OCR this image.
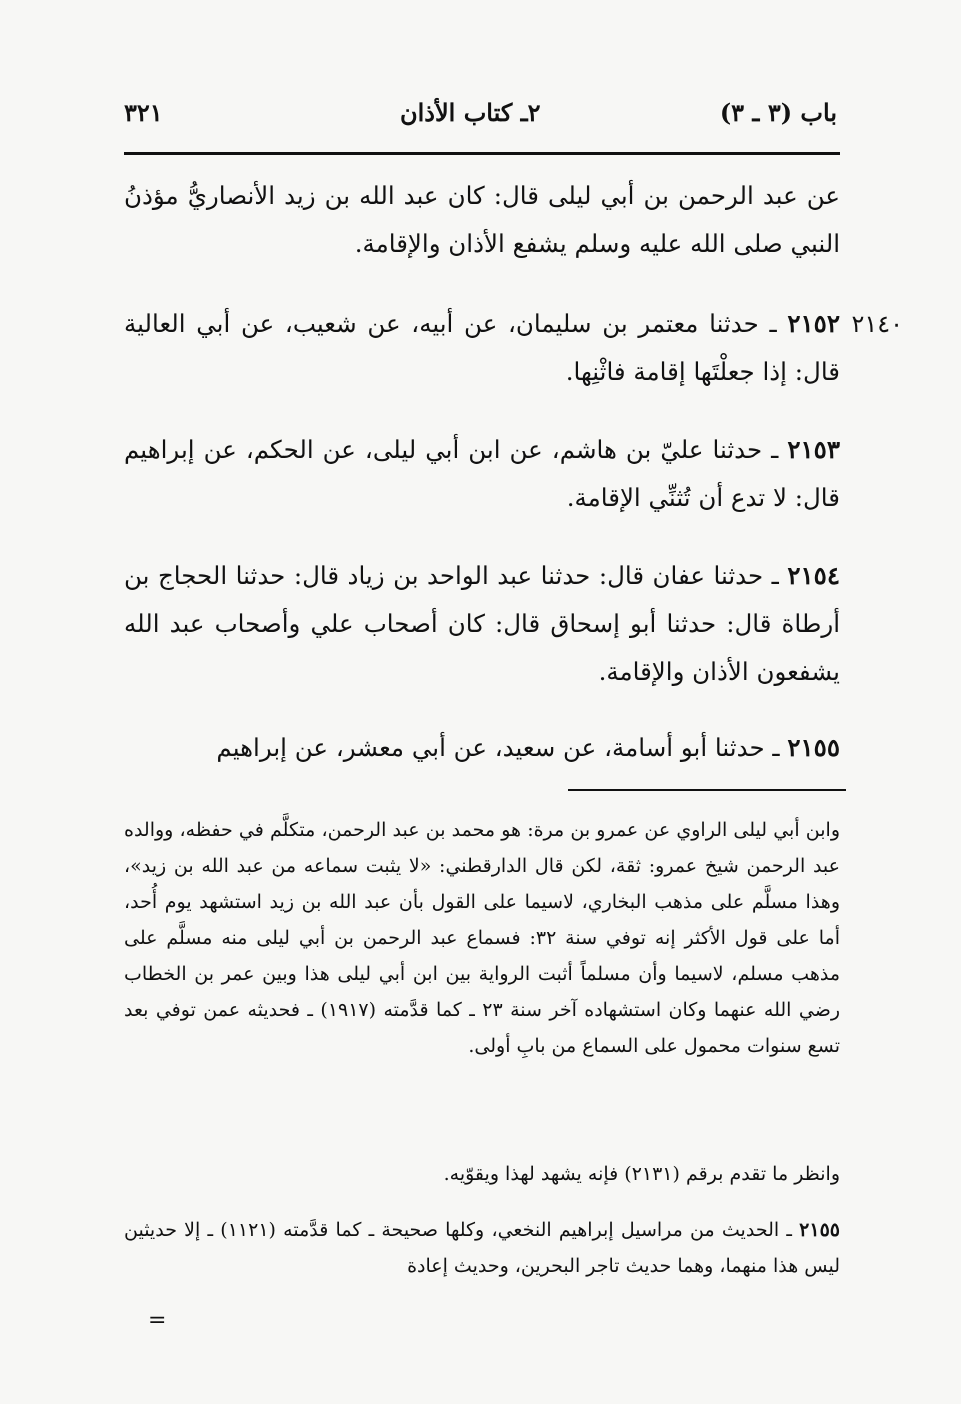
باب (٣ ـ ٣)
٢ـ كتاب الأذان
٣٢١
عن عبد الرحمن بن أبي ليلى قال: كان عبد الله بن زيد الأنصاريُّ مؤذنُ النبي صلى الله عليه وسلم يشفع الأذان والإقامة.
٢١٤٠
٢١٥٢ ـ حدثنا معتمر بن سليمان، عن أبيه، عن شعيب، عن أبي العالية قال: إذا جعلْتَها إقامة فاثْنِها.
٢١٥٣ ـ حدثنا عليّ بن هاشم، عن ابن أبي ليلى، عن الحكم، عن إبراهيم قال: لا تدع أن تُثنِّي الإقامة.
٢١٥٤ ـ حدثنا عفان قال: حدثنا عبد الواحد بن زياد قال: حدثنا الحجاج بن أرطاة قال: حدثنا أبو إسحاق قال: كان أصحاب علي وأصحاب عبد الله يشفعون الأذان والإقامة.
٢١٥٥ ـ حدثنا أبو أسامة، عن سعيد، عن أبي معشر، عن إبراهيم
وابن أبي ليلى الراوي عن عمرو بن مرة: هو محمد بن عبد الرحمن، متكلَّم في حفظه، ووالده عبد الرحمن شيخ عمرو: ثقة، لكن قال الدارقطني: «لا يثبت سماعه من عبد الله بن زيد»، وهذا مسلَّم على مذهب البخاري، لاسيما على القول بأن عبد الله بن زيد استشهد يوم أُحد، أما على قول الأكثر إنه توفي سنة ٣٢: فسماع عبد الرحمن بن أبي ليلى منه مسلَّم على مذهب مسلم، لاسيما وأن مسلماً أثبت الرواية بين ابن أبي ليلى هذا وبين عمر بن الخطاب رضي الله عنهما وكان استشهاده آخر سنة ٢٣ ـ كما قدَّمته (١٩١٧) ـ فحديثه عمن توفي بعد تسع سنوات محمول على السماع من بابِ أولى.
وانظر ما تقدم برقم (٢١٣١) فإنه يشهد لهذا ويقوّيه.
٢١٥٥ ـ الحديث من مراسيل إبراهيم النخعي، وكلها صحيحة ـ كما قدَّمته (١١٢١) ـ إلا حديثين ليس هذا منهما، وهما حديث تاجر البحرين، وحديث إعادة
=
